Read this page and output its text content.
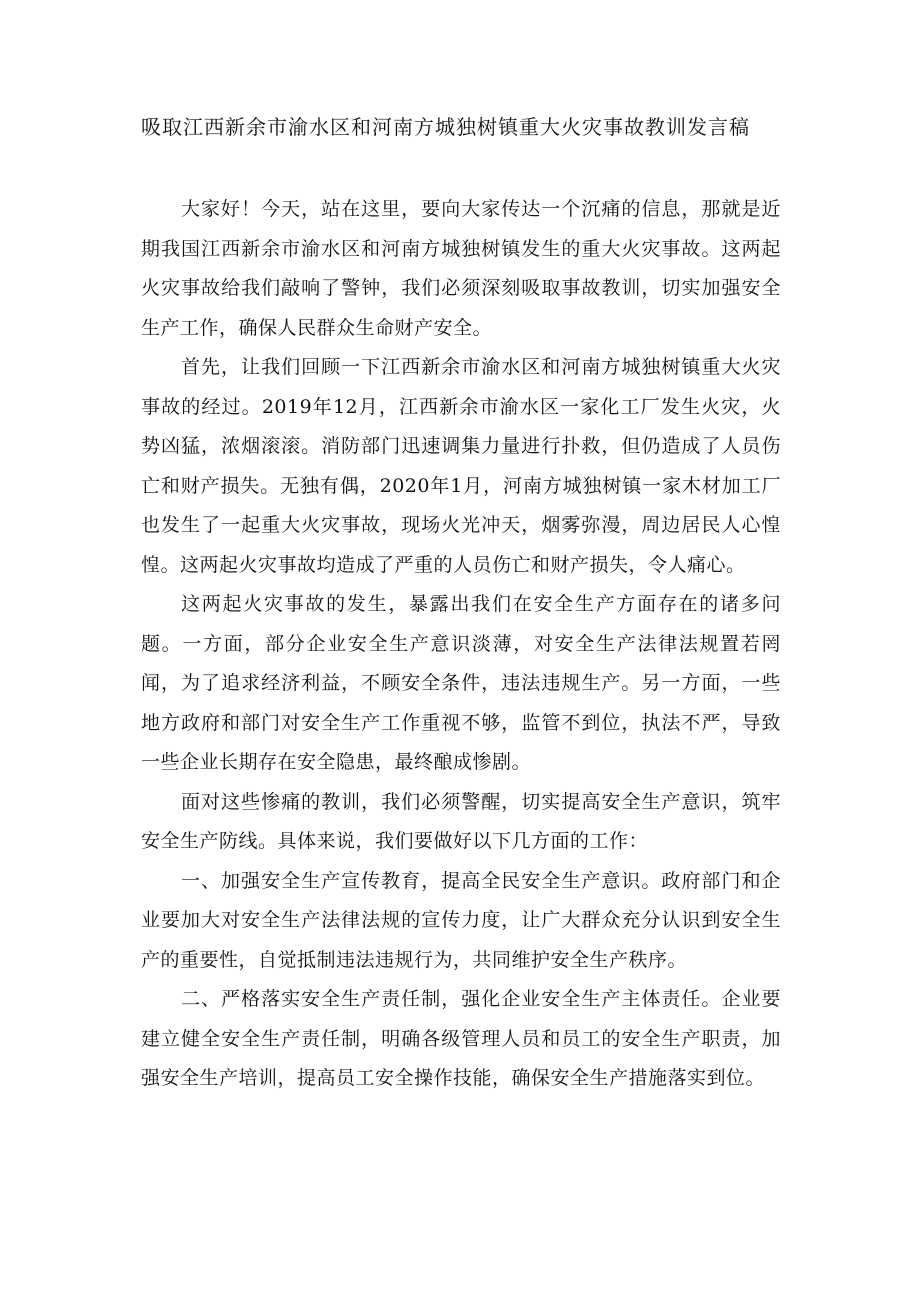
吸取江西新余市渝水区和河南方城独树镇重大火灾事故教训发言稿

大家好！今天，站在这里，要向大家传达一个沉痛的信息，那就是近期我国江西新余市渝水区和河南方城独树镇发生的重大火灾事故。这两起火灾事故给我们敲响了警钟，我们必须深刻吸取事故教训，切实加强安全生产工作，确保人民群众生命财产安全。

首先，让我们回顾一下江西新余市渝水区和河南方城独树镇重大火灾事故的经过。2019年12月，江西新余市渝水区一家化工厂发生火灾，火势凶猛，浓烟滚滚。消防部门迅速调集力量进行扑救，但仍造成了人员伤亡和财产损失。无独有偶，2020年1月，河南方城独树镇一家木材加工厂也发生了一起重大火灾事故，现场火光冲天，烟雾弥漫，周边居民人心惶惶。这两起火灾事故均造成了严重的人员伤亡和财产损失，令人痛心。

这两起火灾事故的发生，暴露出我们在安全生产方面存在的诸多问题。一方面，部分企业安全生产意识淡薄，对安全生产法律法规置若罔闻，为了追求经济利益，不顾安全条件，违法违规生产。另一方面，一些地方政府和部门对安全生产工作重视不够，监管不到位，执法不严，导致一些企业长期存在安全隐患，最终酿成惨剧。

面对这些惨痛的教训，我们必须警醒，切实提高安全生产意识，筑牢安全生产防线。具体来说，我们要做好以下几方面的工作：

一、加强安全生产宣传教育，提高全民安全生产意识。政府部门和企业要加大对安全生产法律法规的宣传力度，让广大群众充分认识到安全生产的重要性，自觉抵制违法违规行为，共同维护安全生产秩序。

二、严格落实安全生产责任制，强化企业安全生产主体责任。企业要建立健全安全生产责任制，明确各级管理人员和员工的安全生产职责，加强安全生产培训，提高员工安全操作技能，确保安全生产措施落实到位。
